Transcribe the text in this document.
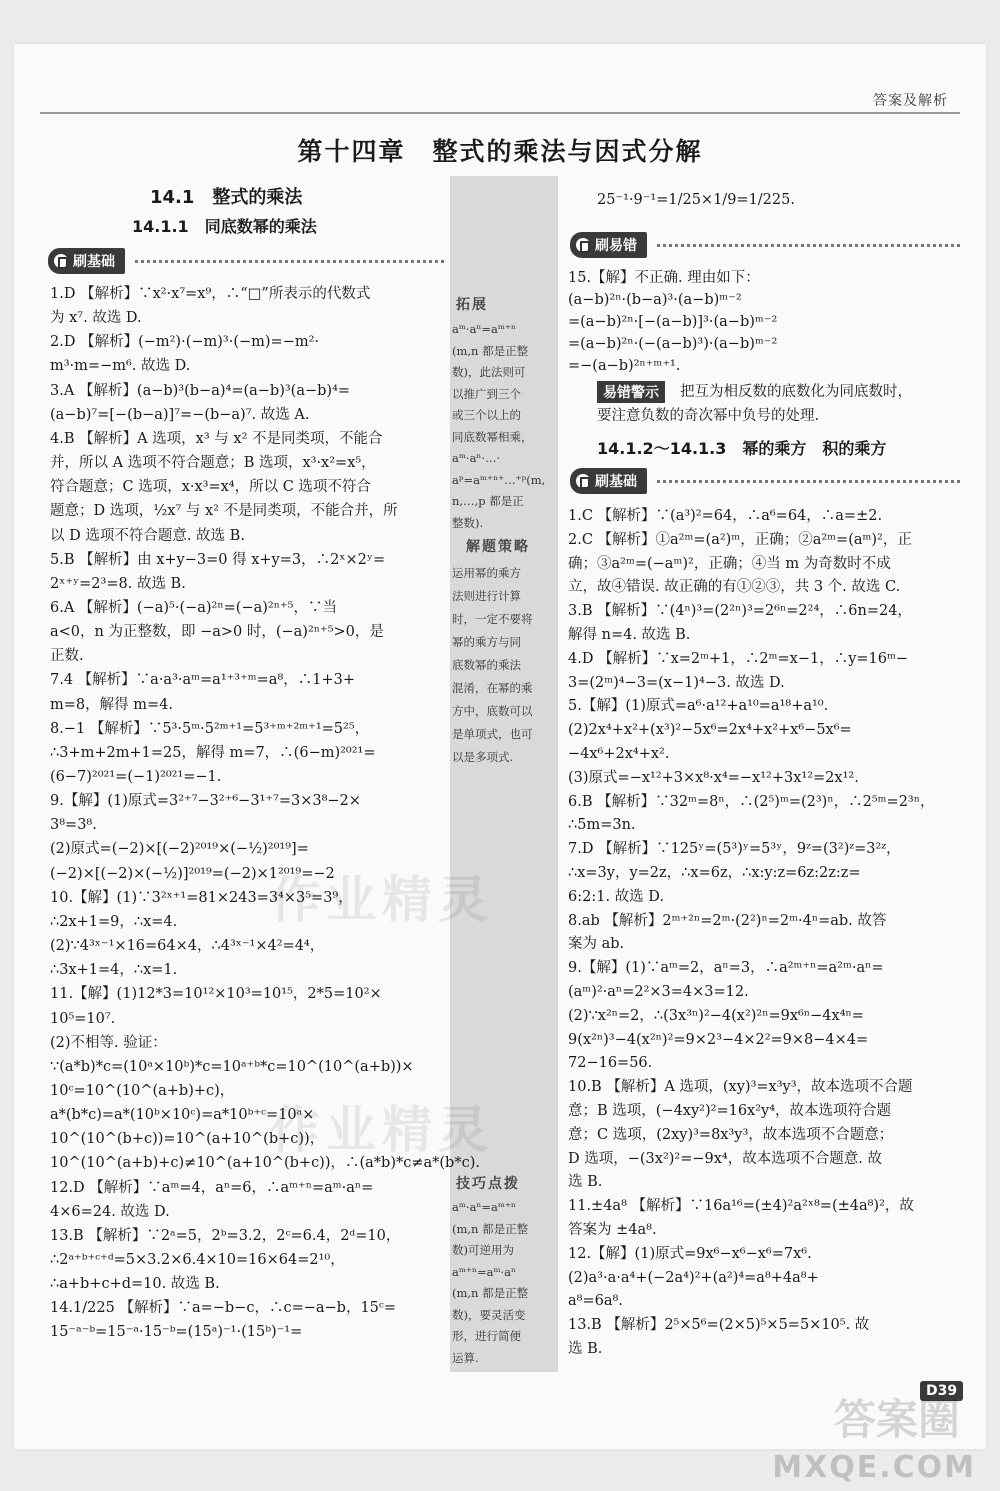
答案及解析
第十四章　整式的乘法与因式分解
14.1　整式的乘法
14.1.1　同底数幂的乘法
刷基础
1.D 【解析】∵x²·x⁷=x⁹，∴“□”所表示的代数式
为 x⁷. 故选 D.
2.D 【解析】(−m²)·(−m)³·(−m)=−m²·
m³·m=−m⁶. 故选 D.
3.A 【解析】(a−b)³(b−a)⁴=(a−b)³(a−b)⁴=
(a−b)⁷=[−(b−a)]⁷=−(b−a)⁷. 故选 A.
4.B 【解析】A 选项，x³ 与 x² 不是同类项，不能合
并，所以 A 选项不符合题意；B 选项，x³·x²=x⁵，
符合题意；C 选项，x·x³=x⁴，所以 C 选项不符合
题意；D 选项，½x⁷ 与 x² 不是同类项，不能合并，所
以 D 选项不符合题意. 故选 B.
5.B 【解析】由 x+y−3=0 得 x+y=3，∴2ˣ×2ʸ=
2ˣ⁺ʸ=2³=8. 故选 B.
6.A 【解析】(−a)⁵·(−a)²ⁿ=(−a)²ⁿ⁺⁵，∵当
a<0，n 为正整数，即 −a>0 时，(−a)²ⁿ⁺⁵>0，是
正数.
7.4 【解析】∵a·a³·aᵐ=a¹⁺³⁺ᵐ=a⁸，∴1+3+
m=8，解得 m=4.
8.−1 【解析】∵5³·5ᵐ·5²ᵐ⁺¹=5³⁺ᵐ⁺²ᵐ⁺¹=5²⁵，
∴3+m+2m+1=25，解得 m=7，∴(6−m)²⁰²¹=
(6−7)²⁰²¹=(−1)²⁰²¹=−1.
9.【解】(1)原式=3²⁺⁷−3²⁺⁶−3¹⁺⁷=3×3⁸−2×
3⁸=3⁸.
(2)原式=(−2)×[(−2)²⁰¹⁹×(−½)²⁰¹⁹]=
(−2)×[(−2)×(−½)]²⁰¹⁹=(−2)×1²⁰¹⁹=−2
10.【解】(1)∵3²ˣ⁺¹=81×243=3⁴×3⁵=3⁹，
∴2x+1=9，∴x=4.
(2)∵4³ˣ⁻¹×16=64×4，∴4³ˣ⁻¹×4²=4⁴，
∴3x+1=4，∴x=1.
11.【解】(1)12*3=10¹²×10³=10¹⁵，2*5=10²×
10⁵=10⁷.
(2)不相等. 验证：
∵(a*b)*c=(10ᵃ×10ᵇ)*c=10ᵃ⁺ᵇ*c=10^(10^(a+b))×
10ᶜ=10^(10^(a+b)+c)，
a*(b*c)=a*(10ᵇ×10ᶜ)=a*10ᵇ⁺ᶜ=10ᵃ×
10^(10^(b+c))=10^(a+10^(b+c))，
10^(10^(a+b)+c)≠10^(a+10^(b+c))，∴(a*b)*c≠a*(b*c).
12.D 【解析】∵aᵐ=4，aⁿ=6，∴aᵐ⁺ⁿ=aᵐ·aⁿ=
4×6=24. 故选 D.
13.B 【解析】∵2ᵃ=5，2ᵇ=3.2，2ᶜ=6.4，2ᵈ=10，
∴2ᵃ⁺ᵇ⁺ᶜ⁺ᵈ=5×3.2×6.4×10=16×64=2¹⁰，
∴a+b+c+d=10. 故选 B.
14.1/225 【解析】∵a=−b−c，∴c=−a−b，15ᶜ=
15⁻ᵃ⁻ᵇ=15⁻ᵃ·15⁻ᵇ=(15ᵃ)⁻¹·(15ᵇ)⁻¹=
拓展
aᵐ·aⁿ=aᵐ⁺ⁿ
(m,n 都是正整
数)，此法则可
以推广到三个
或三个以上的
同底数幂相乘，
aᵐ·aⁿ·…·
aᵖ=aᵐ⁺ⁿ⁺…⁺ᵖ(m,
n,…,p 都是正
整数).
解题策略
运用幂的乘方
法则进行计算
时，一定不要将
幂的乘方与同
底数幂的乘法
混淆，在幂的乘
方中，底数可以
是单项式，也可
以是多项式.
技巧点拨
aᵐ·aⁿ=aᵐ⁺ⁿ
(m,n 都是正整
数)可逆用为
aᵐ⁺ⁿ=aᵐ·aⁿ
(m,n 都是正整
数)，要灵活变
形，进行简便
运算.
25⁻¹·9⁻¹=1/25×1/9=1/225.
刷易错
15.【解】不正确. 理由如下：
(a−b)²ⁿ·(b−a)³·(a−b)ᵐ⁻²
=(a−b)²ⁿ·[−(a−b)]³·(a−b)ᵐ⁻²
=(a−b)²ⁿ·(−(a−b)³)·(a−b)ᵐ⁻²
=−(a−b)²ⁿ⁺ᵐ⁺¹.
易错警示	把互为相反数的底数化为同底数时，
要注意负数的奇次幂中负号的处理.
14.1.2～14.1.3　幂的乘方　积的乘方
刷基础
1.C 【解析】∵(a³)²=64，∴a⁶=64，∴a=±2.
2.C 【解析】①a²ᵐ=(a²)ᵐ，正确；②a²ᵐ=(aᵐ)²，正
确；③a²ᵐ=(−aᵐ)²，正确；④当 m 为奇数时不成
立，故④错误. 故正确的有①②③，共 3 个. 故选 C.
3.B 【解析】∵(4ⁿ)³=(2²ⁿ)³=2⁶ⁿ=2²⁴，∴6n=24，
解得 n=4. 故选 B.
4.D 【解析】∵x=2ᵐ+1，∴2ᵐ=x−1，∴y=16ᵐ−
3=(2ᵐ)⁴−3=(x−1)⁴−3. 故选 D.
5.【解】(1)原式=a⁶·a¹²+a¹⁰=a¹⁸+a¹⁰.
(2)2x⁴+x²+(x³)²−5x⁶=2x⁴+x²+x⁶−5x⁶=
−4x⁶+2x⁴+x².
(3)原式=−x¹²+3×x⁸·x⁴=−x¹²+3x¹²=2x¹².
6.B 【解析】∵32ᵐ=8ⁿ，∴(2⁵)ᵐ=(2³)ⁿ，∴2⁵ᵐ=2³ⁿ，
∴5m=3n.
7.D 【解析】∵125ʸ=(5³)ʸ=5³ʸ，9ᶻ=(3²)ᶻ=3²ᶻ，
∴x=3y，y=2z，∴x=6z，∴x:y:z=6z:2z:z=
6:2:1. 故选 D.
8.ab 【解析】2ᵐ⁺²ⁿ=2ᵐ·(2²)ⁿ=2ᵐ·4ⁿ=ab. 故答
案为 ab.
9.【解】(1)∵aᵐ=2，aⁿ=3，∴a²ᵐ⁺ⁿ=a²ᵐ·aⁿ=
(aᵐ)²·aⁿ=2²×3=4×3=12.
(2)∵x²ⁿ=2，∴(3x³ⁿ)²−4(x²)²ⁿ=9x⁶ⁿ−4x⁴ⁿ=
9(x²ⁿ)³−4(x²ⁿ)²=9×2³−4×2²=9×8−4×4=
72−16=56.
10.B 【解析】A 选项，(xy)³=x³y³，故本选项不合题
意；B 选项，(−4xy²)²=16x²y⁴，故本选项符合题
意；C 选项，(2xy)³=8x³y³，故本选项不合题意；
D 选项，−(3x²)²=−9x⁴，故本选项不合题意. 故
选 B.
11.±4a⁸ 【解析】∵16a¹⁶=(±4)²a²ˣ⁸=(±4a⁸)²，故
答案为 ±4a⁸.
12.【解】(1)原式=9x⁶−x⁶−x⁶=7x⁶.
(2)a³·a·a⁴+(−2a⁴)²+(a²)⁴=a⁸+4a⁸+
a⁸=6a⁸.
13.B 【解析】2⁵×5⁶=(2×5)⁵×5=5×10⁵. 故
选 B.
D39
作业精灵
作业精灵
答案圈
MXQE.COM
